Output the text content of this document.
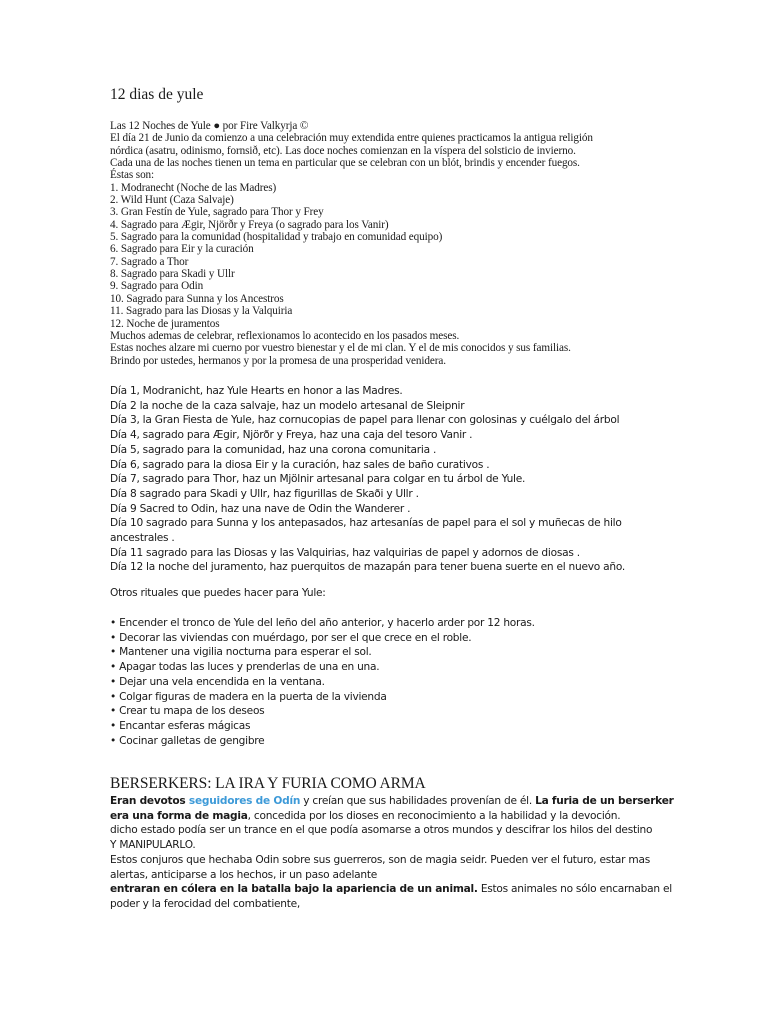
12 dias de yule
Las 12 Noches de Yule ● por Fire Valkyrja ©
El día 21 de Junio da comienzo a una celebración muy extendida entre quienes practicamos la antigua religión
nórdica (asatru, odinismo, fornsið, etc). Las doce noches comienzan en la víspera del solsticio de invierno.
Cada una de las noches tienen un tema en particular que se celebran con un blót, brindis y encender fuegos.
Éstas son:
1. Modranecht (Noche de las Madres)
2. Wild Hunt (Caza Salvaje)
3. Gran Festín de Yule, sagrado para Thor y Frey
4. Sagrado para Ægir, Njörðr y Freya (o sagrado para los Vanir)
5. Sagrado para la comunidad (hospitalidad y trabajo en comunidad equipo)
6. Sagrado para Eir y la curación
7. Sagrado a Thor
8. Sagrado para Skadi y Ullr
9. Sagrado para Odin
10. Sagrado para Sunna y los Ancestros
11. Sagrado para las Diosas y la Valquiria
12. Noche de juramentos
Muchos ademas de celebrar, reflexionamos lo acontecido en los pasados meses.
Estas noches alzare mi cuerno por vuestro bienestar y el de mi clan. Y el de mis conocidos y sus familias.
Brindo por ustedes, hermanos y por la promesa de una prosperidad venidera.
Día 1, Modranicht, haz Yule Hearts en honor a las Madres.
Día 2 la noche de la caza salvaje, haz un modelo artesanal de Sleipnir
Día 3, la Gran Fiesta de Yule, haz cornucopias de papel para llenar con golosinas y cuélgalo del árbol
Día 4, sagrado para Ægir, Njörðr y Freya, haz una caja del tesoro Vanir .
Día 5, sagrado para la comunidad, haz una corona comunitaria .
Día 6, sagrado para la diosa Eir y la curación, haz sales de baño curativos .
Día 7, sagrado para Thor, haz un Mjölnir artesanal para colgar en tu árbol de Yule.
Día 8 sagrado para Skadi y Ullr, haz figurillas de Skaði y Ullr .
Día 9 Sacred to Odin, haz una nave de Odin the Wanderer .
Día 10 sagrado para Sunna y los antepasados, haz artesanías de papel para el sol y muñecas de hilo
ancestrales .
Día 11 sagrado para las Diosas y las Valquirias, haz valquirias de papel y adornos de diosas .
Día 12 la noche del juramento, haz puerquitos de mazapán para tener buena suerte en el nuevo año.
Otros rituales que puedes hacer para Yule:
• Encender el tronco de Yule del leño del año anterior, y hacerlo arder por 12 horas.
• Decorar las viviendas con muérdago, por ser el que crece en el roble.
• Mantener una vigilia nocturna para esperar el sol.
• Apagar todas las luces y prenderlas de una en una.
• Dejar una vela encendida en la ventana.
• Colgar figuras de madera en la puerta de la vivienda
• Crear tu mapa de los deseos
• Encantar esferas mágicas
• Cocinar galletas de gengibre
BERSERKERS: LA IRA Y FURIA COMO ARMA
Eran devotos seguidores de Odín y creían que sus habilidades provenían de él. La furia de un berserker
era una forma de magia, concedida por los dioses en reconocimiento a la habilidad y la devoción.
dicho estado podía ser un trance en el que podía asomarse a otros mundos y descifrar los hilos del destino
Y MANIPULARLO.
Estos conjuros que hechaba Odin sobre sus guerreros, son de magia seidr. Pueden ver el futuro, estar mas
alertas, anticiparse a los hechos, ir un paso adelante
entraran en cólera en la batalla bajo la apariencia de un animal. Estos animales no sólo encarnaban el
poder y la ferocidad del combatiente,
